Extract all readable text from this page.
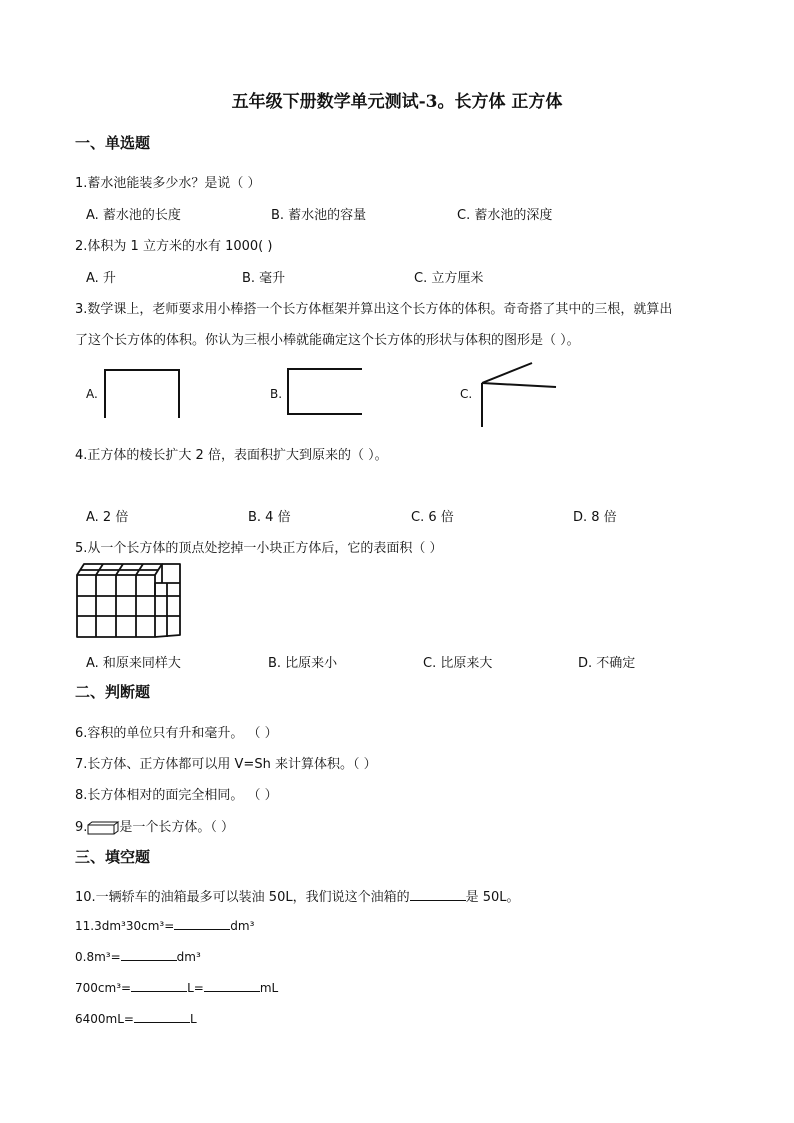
五年级下册数学单元测试-3。长方体 正方体
一、单选题
1.蓄水池能装多少水？是说（ ）
A. 蓄水池的长度	B. 蓄水池的容量	C. 蓄水池的深度
2.体积为 1 立方米的水有 1000( )
A. 升	B. 毫升	C. 立方厘米
3.数学课上，老师要求用小棒搭一个长方体框架并算出这个长方体的体积。奇奇搭了其中的三根，就算出
了这个长方体的体积。你认为三根小棒就能确定这个长方体的形状与体积的图形是（ ）。
A.	B.	C.
4.正方体的棱长扩大 2 倍，表面积扩大到原来的（ ）。
A. 2 倍	B. 4 倍	C. 6 倍	D. 8 倍
5.从一个长方体的顶点处挖掉一小块正方体后，它的表面积（ ）
A. 和原来同样大	B. 比原来小	C. 比原来大	D. 不确定
二、判断题
6.容积的单位只有升和毫升。 （ ）
7.长方体、正方体都可以用 V=Sh 来计算体积。（ ）
8.长方体相对的面完全相同。 （ ）
9. 是一个长方体。（ ）
三、填空题
10.一辆轿车的油箱最多可以装油 50L，我们说这个油箱的	是 50L。
11.3dm³30cm³=	dm³
0.8m³=	dm³
700cm³=	L=	mL
6400mL=	L
